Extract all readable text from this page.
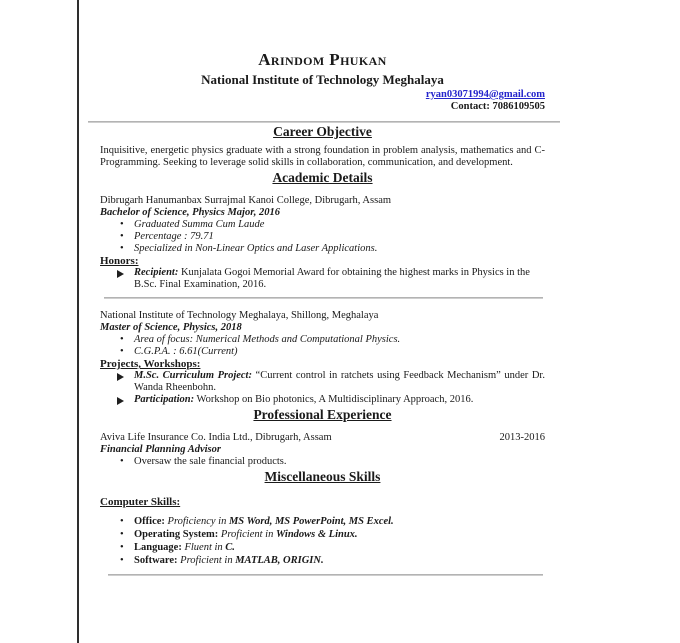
Arindom Phukan
National Institute of Technology Meghalaya
ryan03071994@gmail.com
Contact: 7086109505
Career Objective

Inquisitive, energetic physics graduate with a strong foundation in problem analysis, mathematics and C-Programming. Seeking to leverage solid skills in collaboration, communication, and development.

Academic Details
Dibrugarh Hanumanbax Surrajmal Kanoi College, Dibrugarh, Assam
Bachelor of Science, Physics Major, 2016
• Graduated Summa Cum Laude
• Percentage : 79.71
• Specialized in Non-Linear Optics and Laser Applications.
Honors:
Recipient: Kunjalata Gogoi Memorial Award for obtaining the highest marks in Physics in the B.Sc. Final Examination, 2016.
National Institute of Technology Meghalaya, Shillong, Meghalaya
Master of Science, Physics, 2018
• Area of focus: Numerical Methods and Computational Physics.
• C.G.P.A. : 6.61(Current)
Projects, Workshops:
M.Sc. Curriculum Project: “Current control in ratchets using Feedback Mechanism” under Dr. Wanda Rheenbohn.
Participation: Workshop on Bio photonics, A Multidisciplinary Approach, 2016.
Professional Experience
Aviva Life Insurance Co. India Ltd., Dibrugarh, Assam	2013-2016
Financial Planning Advisor
• Oversaw the sale financial products.
Miscellaneous Skills
Computer Skills:
• Office: Proficiency in MS Word, MS PowerPoint, MS Excel.
• Operating System: Proficient in Windows & Linux.
• Language: Fluent in C.
• Software: Proficient in MATLAB, ORIGIN.
